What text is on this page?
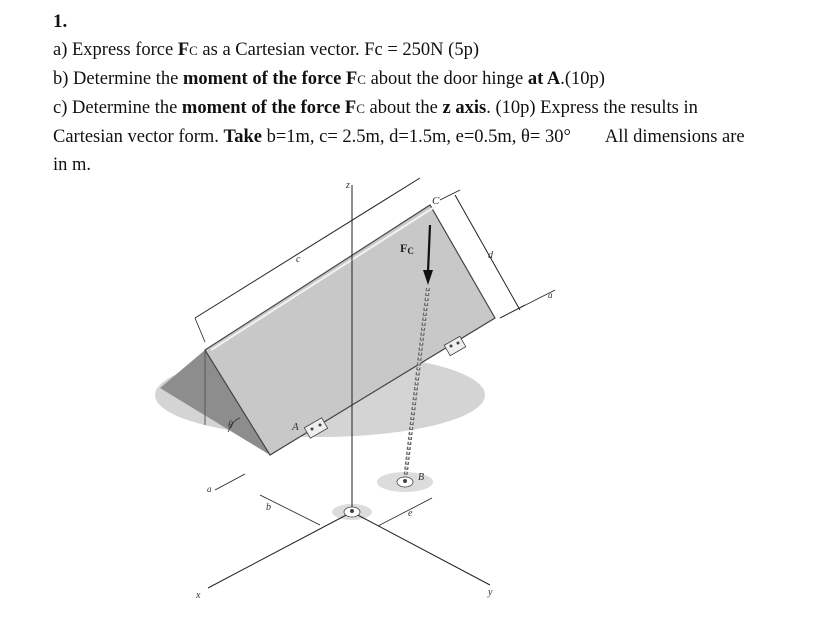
1.
a) Express force FC as a Cartesian vector. Fc = 250N (5p)
b) Determine the moment of the force FC about the door hinge at A.(10p)
c) Determine the moment of the force FC about the z axis. (10p) Express the results in
Cartesian vector form. Take b=1m, c= 2.5m, d=1.5m, e=0.5m, θ= 30° All dimensions are
in m.
z
x	y
c	d
a
C
FC
A
B
b
e
a
θ
